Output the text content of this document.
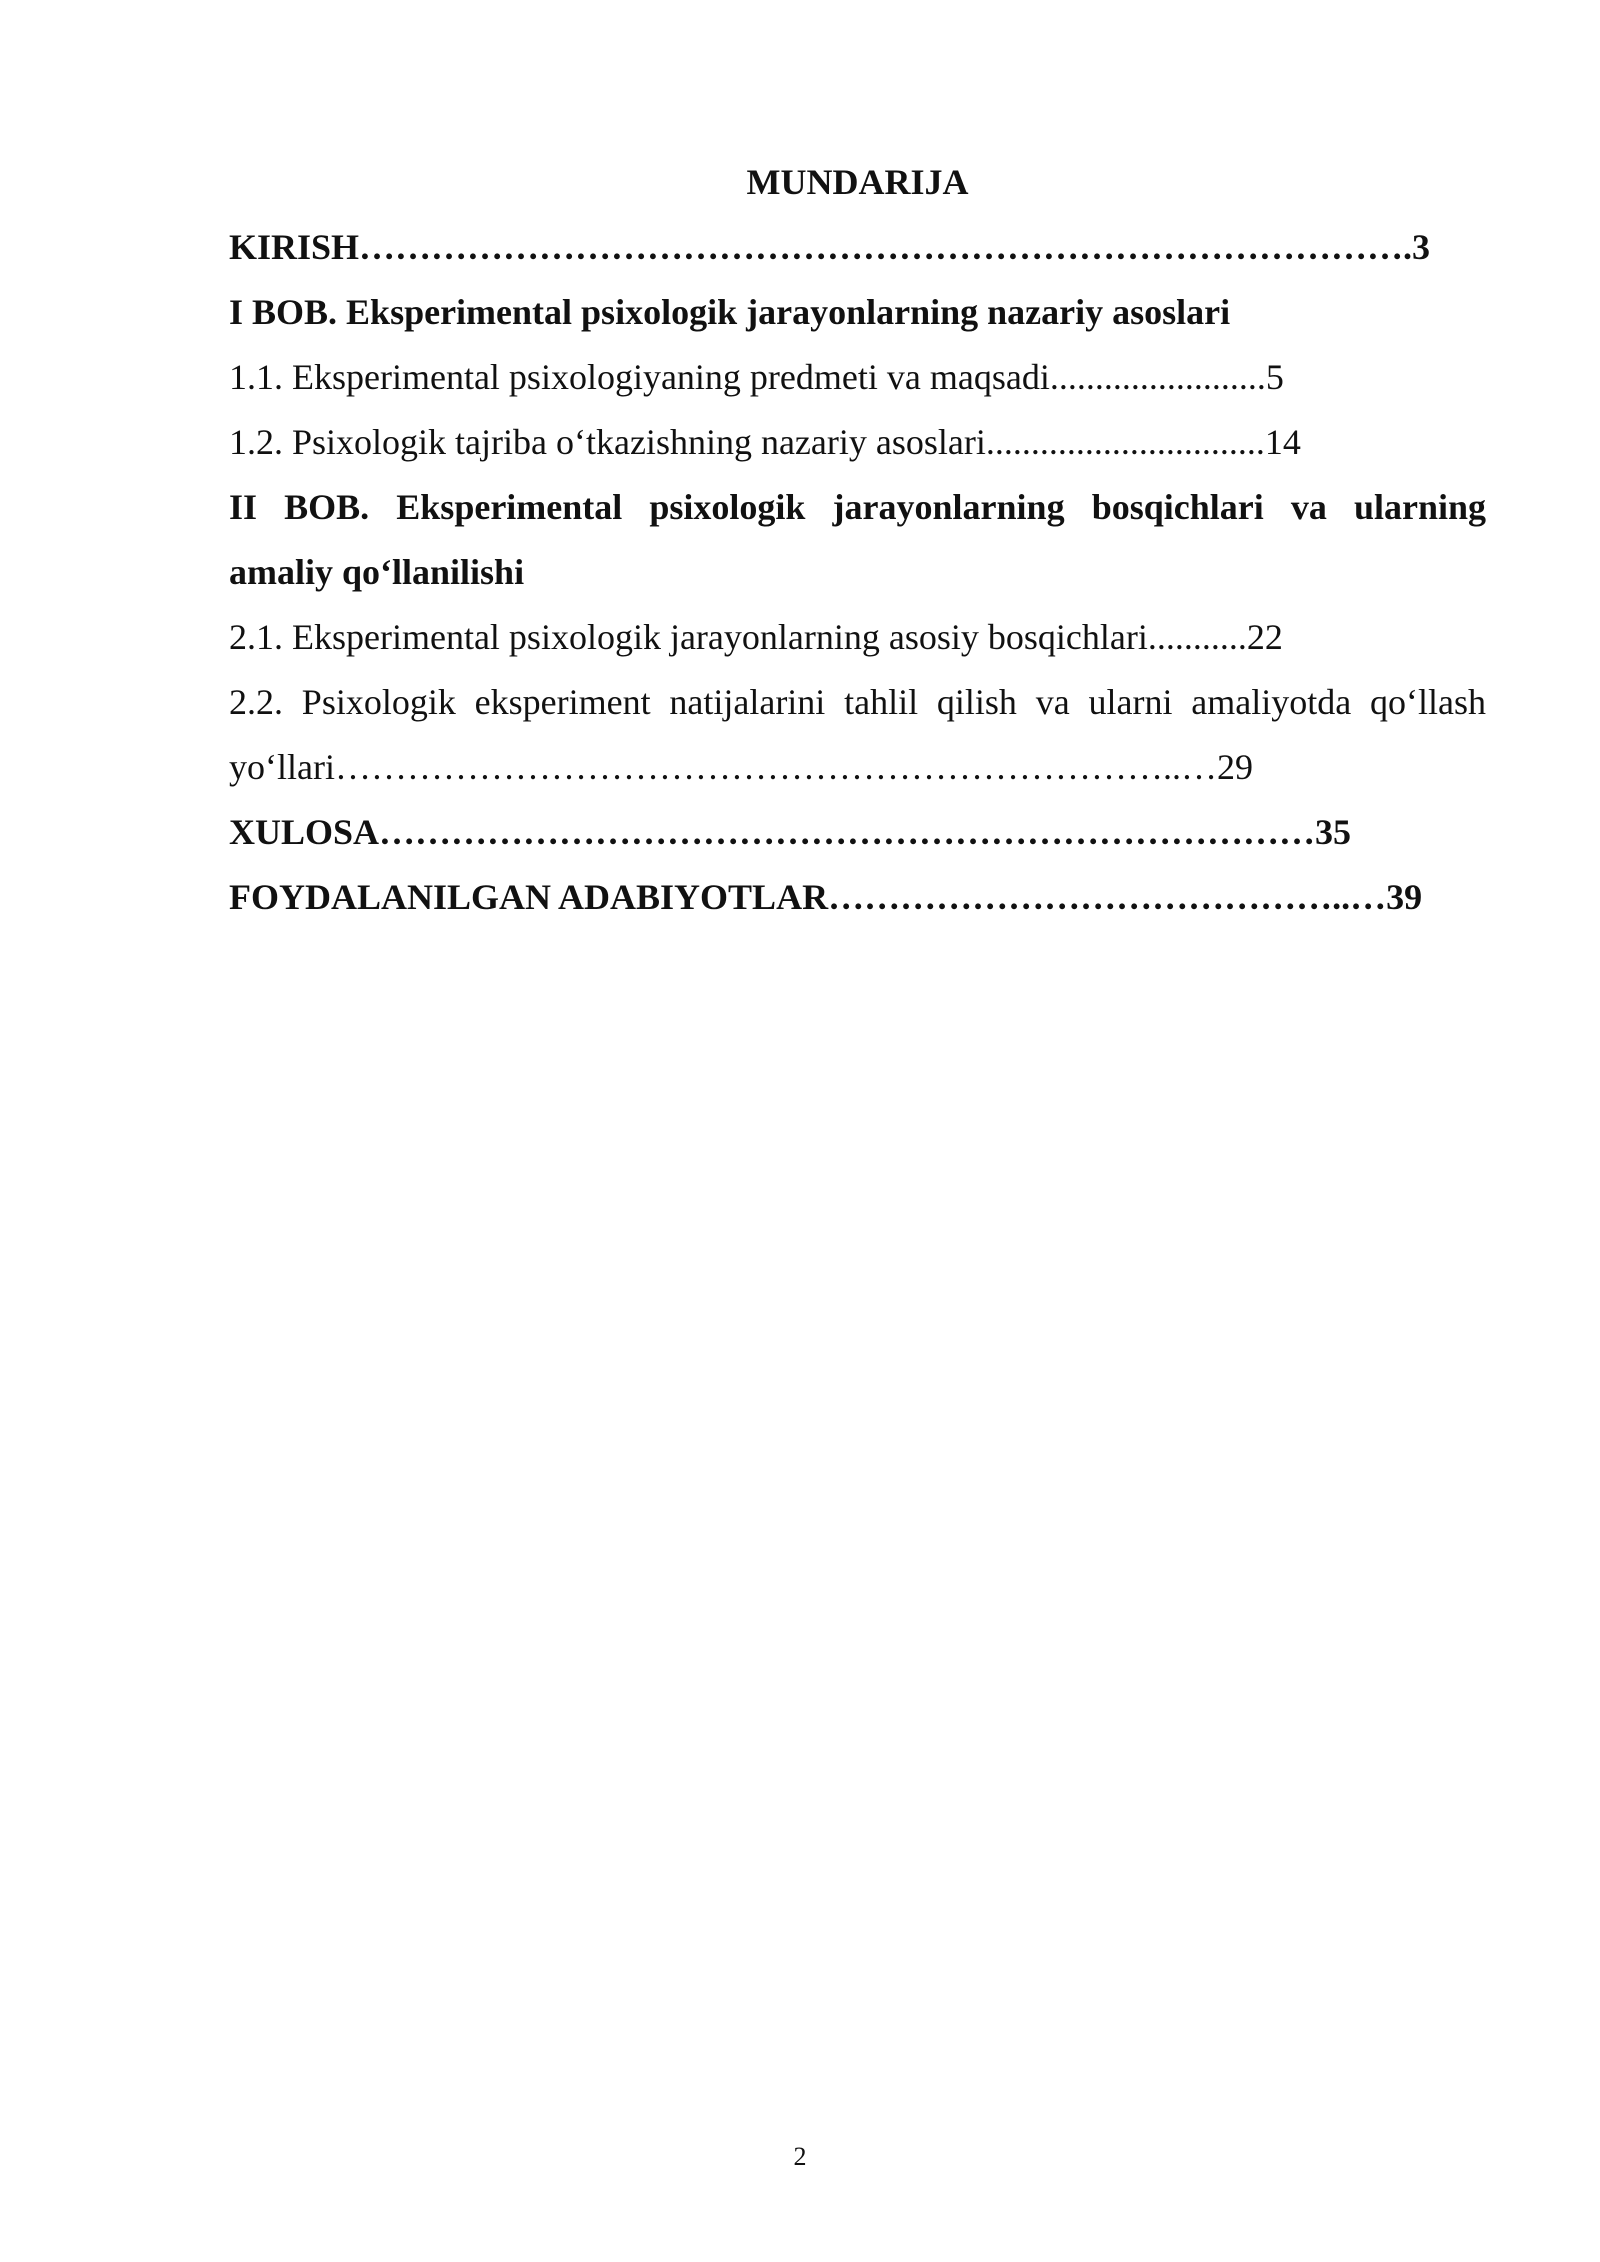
MUNDARIJA

KIRISH…………………………………………………………………………….3

I BOB. Eksperimental psixologik jarayonlarning nazariy asoslari

1.1. Eksperimental psixologiyaning predmeti va maqsadi........................5

1.2. Psixologik tajriba o‘tkazishning nazariy asoslari...............................14

II BOB. Eksperimental psixologik jarayonlarning bosqichlari va ularning

amaliy qo‘llanilishi

2.1. Eksperimental psixologik jarayonlarning asosiy bosqichlari...........22

2.2. Psixologik eksperiment natijalarini tahlil qilish va ularni amaliyotda qo‘llash

yo‘llari……………………………………………………………..…29

XULOSA……………………………………………………………………35

FOYDALANILGAN ADABIYOTLAR……………………………………..…39

2
